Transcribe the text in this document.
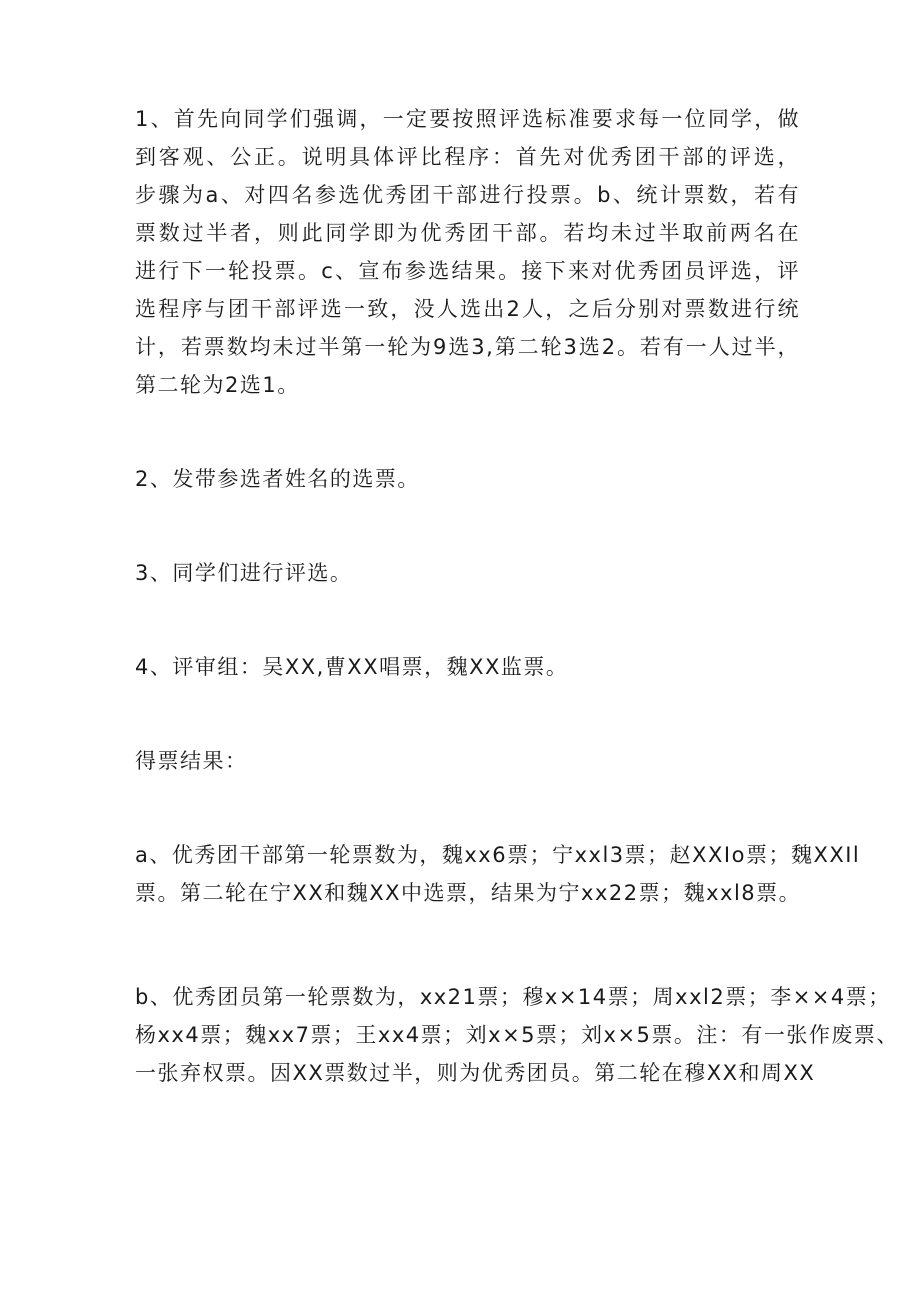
1、首先向同学们强调，一定要按照评选标准要求每一位同学，做
到客观、公正。说明具体评比程序：首先对优秀团干部的评选，
步骤为a、对四名参选优秀团干部进行投票。b、统计票数，若有
票数过半者，则此同学即为优秀团干部。若均未过半取前两名在
进行下一轮投票。c、宣布参选结果。接下来对优秀团员评选，评
选程序与团干部评选一致，没人选出2人，之后分别对票数进行统
计，若票数均未过半第一轮为9选3,第二轮3选2。若有一人过半，
第二轮为2选1。

2、发带参选者姓名的选票。

3、同学们进行评选。

4、评审组：吴XX,曹XX唱票，魏XX监票。

得票结果：

a、优秀团干部第一轮票数为，魏xx6票；宁xxl3票；赵XXIo票；魏XXIl
票。第二轮在宁XX和魏XX中选票，结果为宁xx22票；魏xxl8票。

b、优秀团员第一轮票数为，xx21票；穆x×14票；周xxl2票；李××4票；
杨xx4票；魏xx7票；王xx4票；刘x×5票；刘x×5票。注：有一张作废票、
一张弃权票。因XX票数过半，则为优秀团员。第二轮在穆XX和周XX
